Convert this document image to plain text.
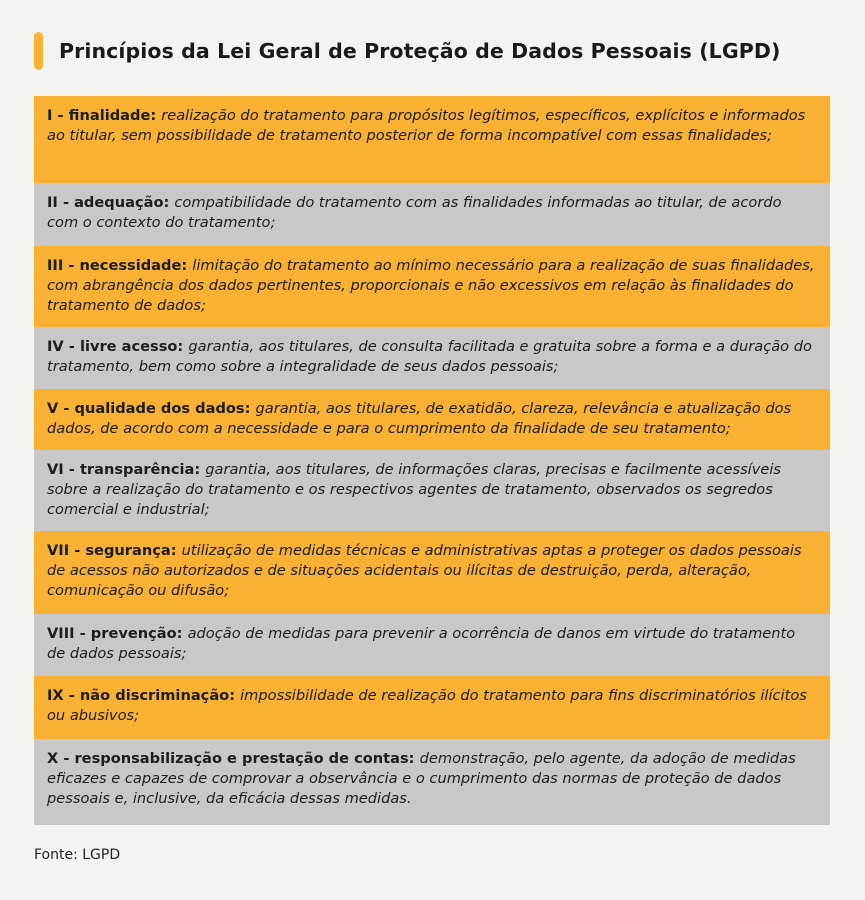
Princípios da Lei Geral de Proteção de Dados Pessoais (LGPD)
I - finalidade: realização do tratamento para propósitos legítimos, específicos, explícitos e informados ao titular, sem possibilidade de tratamento posterior de forma incompatível com essas finalidades;
II - adequação: compatibilidade do tratamento com as finalidades informadas ao titular, de acordo com o contexto do tratamento;
III - necessidade: limitação do tratamento ao mínimo necessário para a realização de suas finalidades, com abrangência dos dados pertinentes, proporcionais e não excessivos em relação às finalidades do tratamento de dados;
IV - livre acesso: garantia, aos titulares, de consulta facilitada e gratuita sobre a forma e a duração do tratamento, bem como sobre a integralidade de seus dados pessoais;
V - qualidade dos dados: garantia, aos titulares, de exatidão, clareza, relevância e atualização dos dados, de acordo com a necessidade e para o cumprimento da finalidade de seu tratamento;
VI - transparência: garantia, aos titulares, de informações claras, precisas e facilmente acessíveis sobre a realização do tratamento e os respectivos agentes de tratamento, observados os segredos comercial e industrial;
VII - segurança: utilização de medidas técnicas e administrativas aptas a proteger os dados pessoais de acessos não autorizados e de situações acidentais ou ilícitas de destruição, perda, alteração, comunicação ou difusão;
VIII - prevenção: adoção de medidas para prevenir a ocorrência de danos em virtude do tratamento de dados pessoais;
IX - não discriminação: impossibilidade de realização do tratamento para fins discriminatórios ilícitos ou abusivos;
X - responsabilização e prestação de contas: demonstração, pelo agente, da adoção de medidas eficazes e capazes de comprovar a observância e o cumprimento das normas de proteção de dados pessoais e, inclusive, da eficácia dessas medidas.
Fonte: LGPD
